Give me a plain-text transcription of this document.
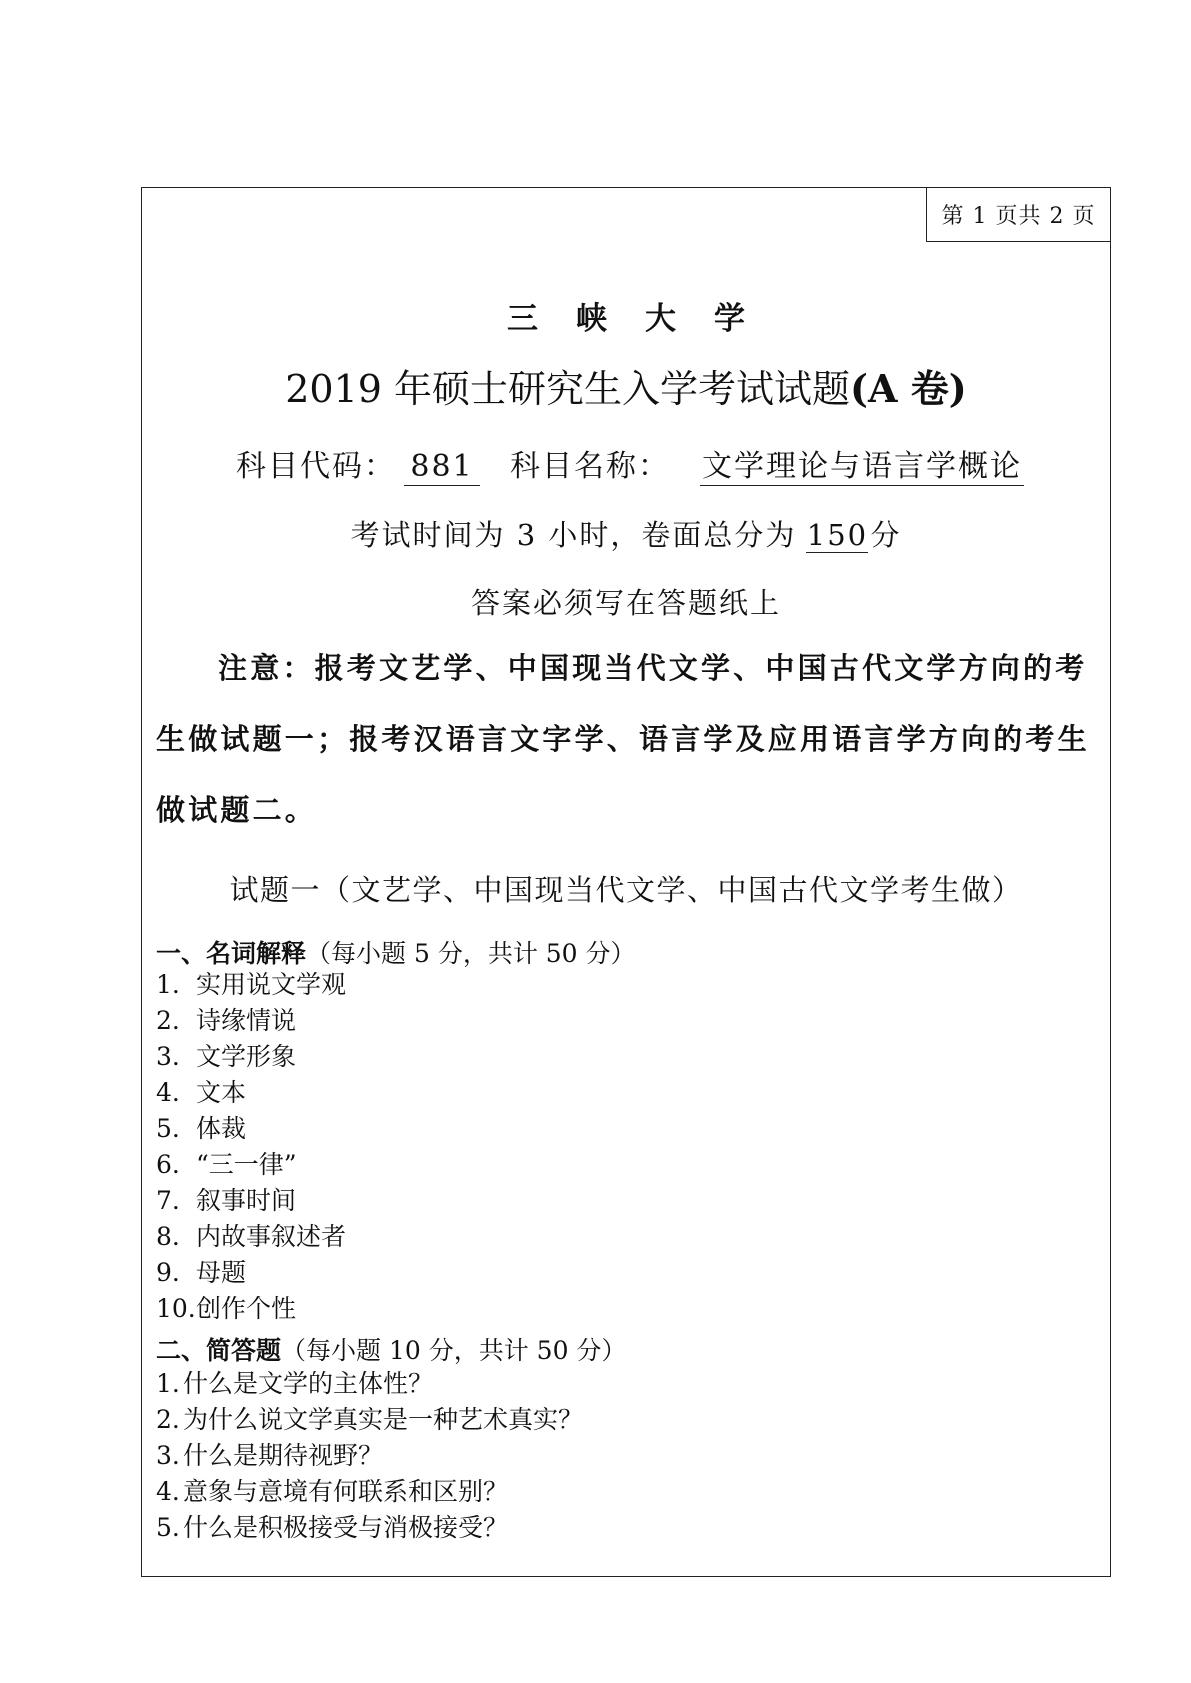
第 1 页共 2 页
三峡大学
2019 年硕士研究生入学考试试题(A 卷)
科目代码： 881 科目名称： 文学理论与语言学概论
考试时间为 3 小时，卷面总分为 150分
答案必须写在答题纸上
注意：报考文艺学、中国现当代文学、中国古代文学方向的考生做试题一；报考汉语言文字学、语言学及应用语言学方向的考生做试题二。
试题一（文艺学、中国现当代文学、中国古代文学考生做）
一、名词解释（每小题 5 分，共计 50 分）
1. 实用说文学观
2. 诗缘情说
3. 文学形象
4. 文本
5. 体裁
6. “三一律”
7. 叙事时间
8. 内故事叙述者
9. 母题
10.创作个性
二、简答题（每小题 10 分，共计 50 分）
1. 什么是文学的主体性？
2. 为什么说文学真实是一种艺术真实？
3. 什么是期待视野？
4. 意象与意境有何联系和区别？
5. 什么是积极接受与消极接受？
